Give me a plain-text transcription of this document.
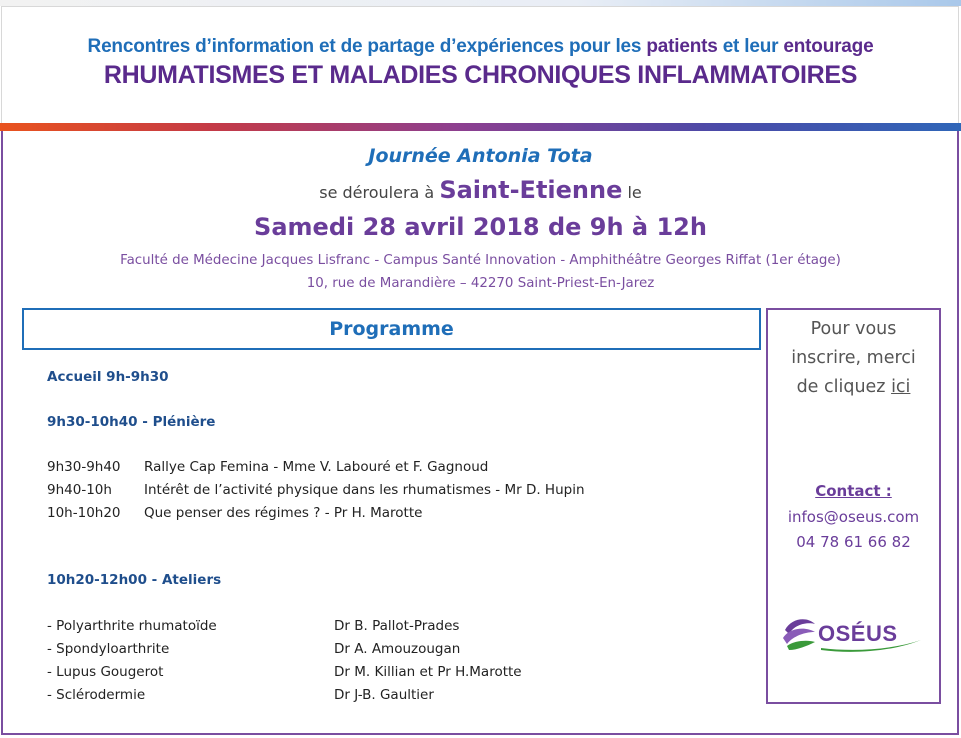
Rencontres d’information et de partage d’expériences pour les patients et leur entourage
RHUMATISMES ET MALADIES CHRONIQUES INFLAMMATOIRES
Journée Antonia Tota
se déroulera à Saint-Etienne le
Samedi 28 avril 2018 de 9h à 12h
Faculté de Médecine Jacques Lisfranc - Campus Santé Innovation - Amphithéâtre Georges Riffat (1er étage)
10, rue de Marandière – 42270 Saint-Priest-En-Jarez
Programme
Accueil 9h-9h30
9h30-10h40 - Plénière
9h30-9h40 Rallye Cap Femina - Mme V. Labouré et F. Gagnoud
9h40-10h Intérêt de l’activité physique dans les rhumatismes - Mr D. Hupin
10h-10h20 Que penser des régimes ? - Pr H. Marotte
10h20-12h00 - Ateliers
- Polyarthrite rhumatoïde	Dr B. Pallot-Prades
- Spondyloarthrite	Dr A. Amouzougan
- Lupus Gougerot	Dr M. Killian et Pr H.Marotte
- Sclérodermie	Dr J-B. Gaultier
Pour vous
inscrire, merci
de cliquez ici
Contact :
infos@oseus.com
04 78 61 66 82
OSÉUS
